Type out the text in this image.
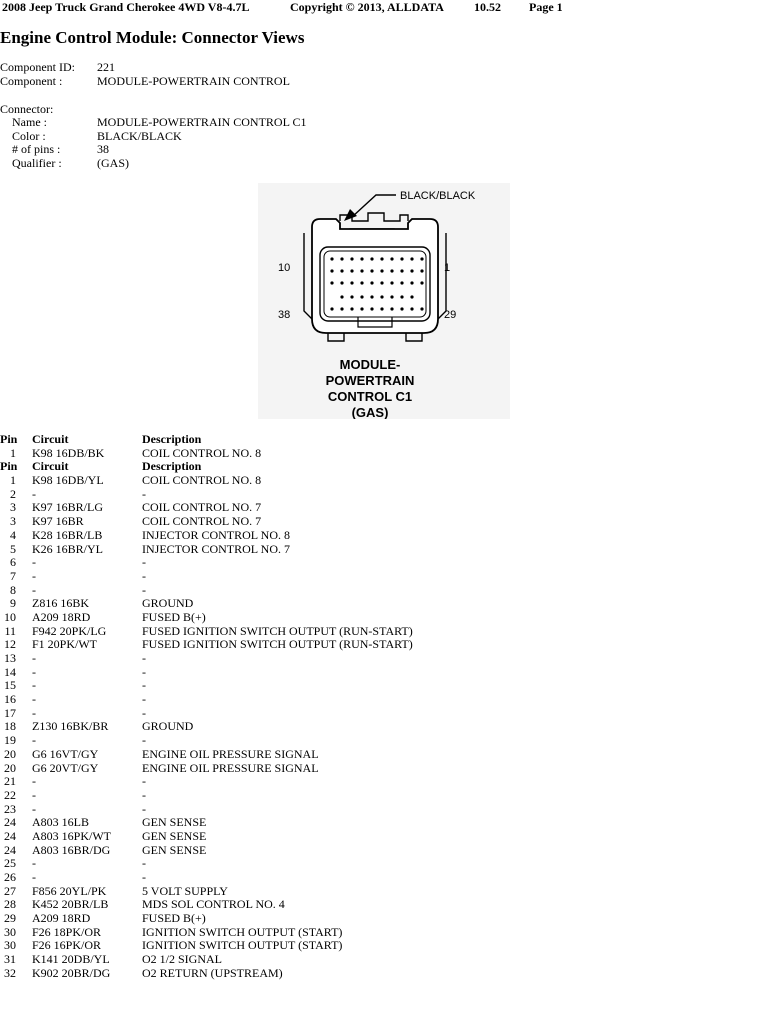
2008 Jeep Truck Grand Cherokee 4WD V8-4.7L	Copyright © 2013, ALLDATA	10.52 Page 1
Engine Control Module: Connector Views
Component ID: 221
Component :	MODULE-POWERTRAIN CONTROL
Connector:
Name :	MODULE-POWERTRAIN CONTROL C1
Color :	BLACK/BLACK
# of pins :	38
Qualifier :	(GAS)
BLACK/BLACK
10	1
38	29
MODULE-
POWERTRAIN
CONTROL C1
(GAS)
Pin Circuit	Description
1 K98 16DB/BK	COIL CONTROL NO. 8
Pin Circuit	Description
1 K98 16DB/YL	COIL CONTROL NO. 8
2 -	-
3 K97 16BR/LG	COIL CONTROL NO. 7
3 K97 16BR	COIL CONTROL NO. 7
4 K28 16BR/LB	INJECTOR CONTROL NO. 8
5 K26 16BR/YL	INJECTOR CONTROL NO. 7
6 -	-
7 -	-
8 -	-
9 Z816 16BK	GROUND
10 A209 18RD	FUSED B(+)
11 F942 20PK/LG	FUSED IGNITION SWITCH OUTPUT (RUN-START)
12 F1 20PK/WT	FUSED IGNITION SWITCH OUTPUT (RUN-START)
13 -	-
14 -	-
15 -	-
16 -	-
17 -	-
18 Z130 16BK/BR	GROUND
19 -	-
20 G6 16VT/GY	ENGINE OIL PRESSURE SIGNAL
20 G6 20VT/GY	ENGINE OIL PRESSURE SIGNAL
21 -	-
22 -	-
23 -	-
24 A803 16LB	GEN SENSE
24 A803 16PK/WT	GEN SENSE
24 A803 16BR/DG	GEN SENSE
25 -	-
26 -	-
27 F856 20YL/PK	5 VOLT SUPPLY
28 K452 20BR/LB	MDS SOL CONTROL NO. 4
29 A209 18RD	FUSED B(+)
30 F26 18PK/OR	IGNITION SWITCH OUTPUT (START)
30 F26 16PK/OR	IGNITION SWITCH OUTPUT (START)
31 K141 20DB/YL	O2 1/2 SIGNAL
32 K902 20BR/DG	O2 RETURN (UPSTREAM)
